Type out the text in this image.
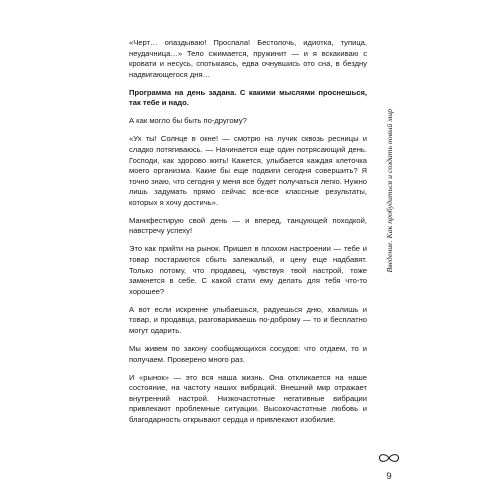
«Черт… опаздываю! Проспала! Бестолочь, идиотка, тупица, неудачница…» Тело сжимается, пружинит — и я вскакиваю с кровати и несусь, спотыкаясь, едва очнувшись ото сна, в бездну надвигающегося дня…

Программа на день задана. С какими мыслями проснешься, так тебе и надо.

А как могло бы быть по-другому?

«Ух ты! Солнце в окне! — смотрю на лучик сквозь ресницы и сладко потягиваюсь. — Начинается еще один потрясающий день. Господи, как здорово жить! Кажется, улыбается каждая клеточка моего организма. Какие бы еще подвиги сегодня совершить? Я точно знаю, что сегодня у меня все будет получаться легко. Нужно лишь задумать прямо сейчас все-все классные результаты, которых я хочу достичь».

Манифестирую свой день — и вперед, танцующей походкой, навстречу успеху!

Это как прийти на рынок. Пришел в плохом настроении — тебе и товар постараются сбыть залежалый, и цену еще надбавят. Только потому, что продавец, чувствуя твой настрой, тоже замкнется в себе. С какой стати ему делать для тебя что-то хорошее?

А вот если искренне улыбаешься, радуешься дню, хвалишь и товар, и продавца, разговариваешь по-доброму — то и бесплатно могут одарить.

Мы живем по закону сообщающихся сосудов: что отдаем, то и получаем. Проверено много раз.

И «рынок» — это вся наша жизнь. Она откликается на наше состояние, на частоту наших вибраций. Внешний мир отражает внутренний настрой. Низкочастотные негативные вибрации привлекают проблемные ситуации. Высокочастотные любовь и благодарность открывают сердца и привлекают изобилие.

Введение. Как пробудиться и создать новый мир
9
